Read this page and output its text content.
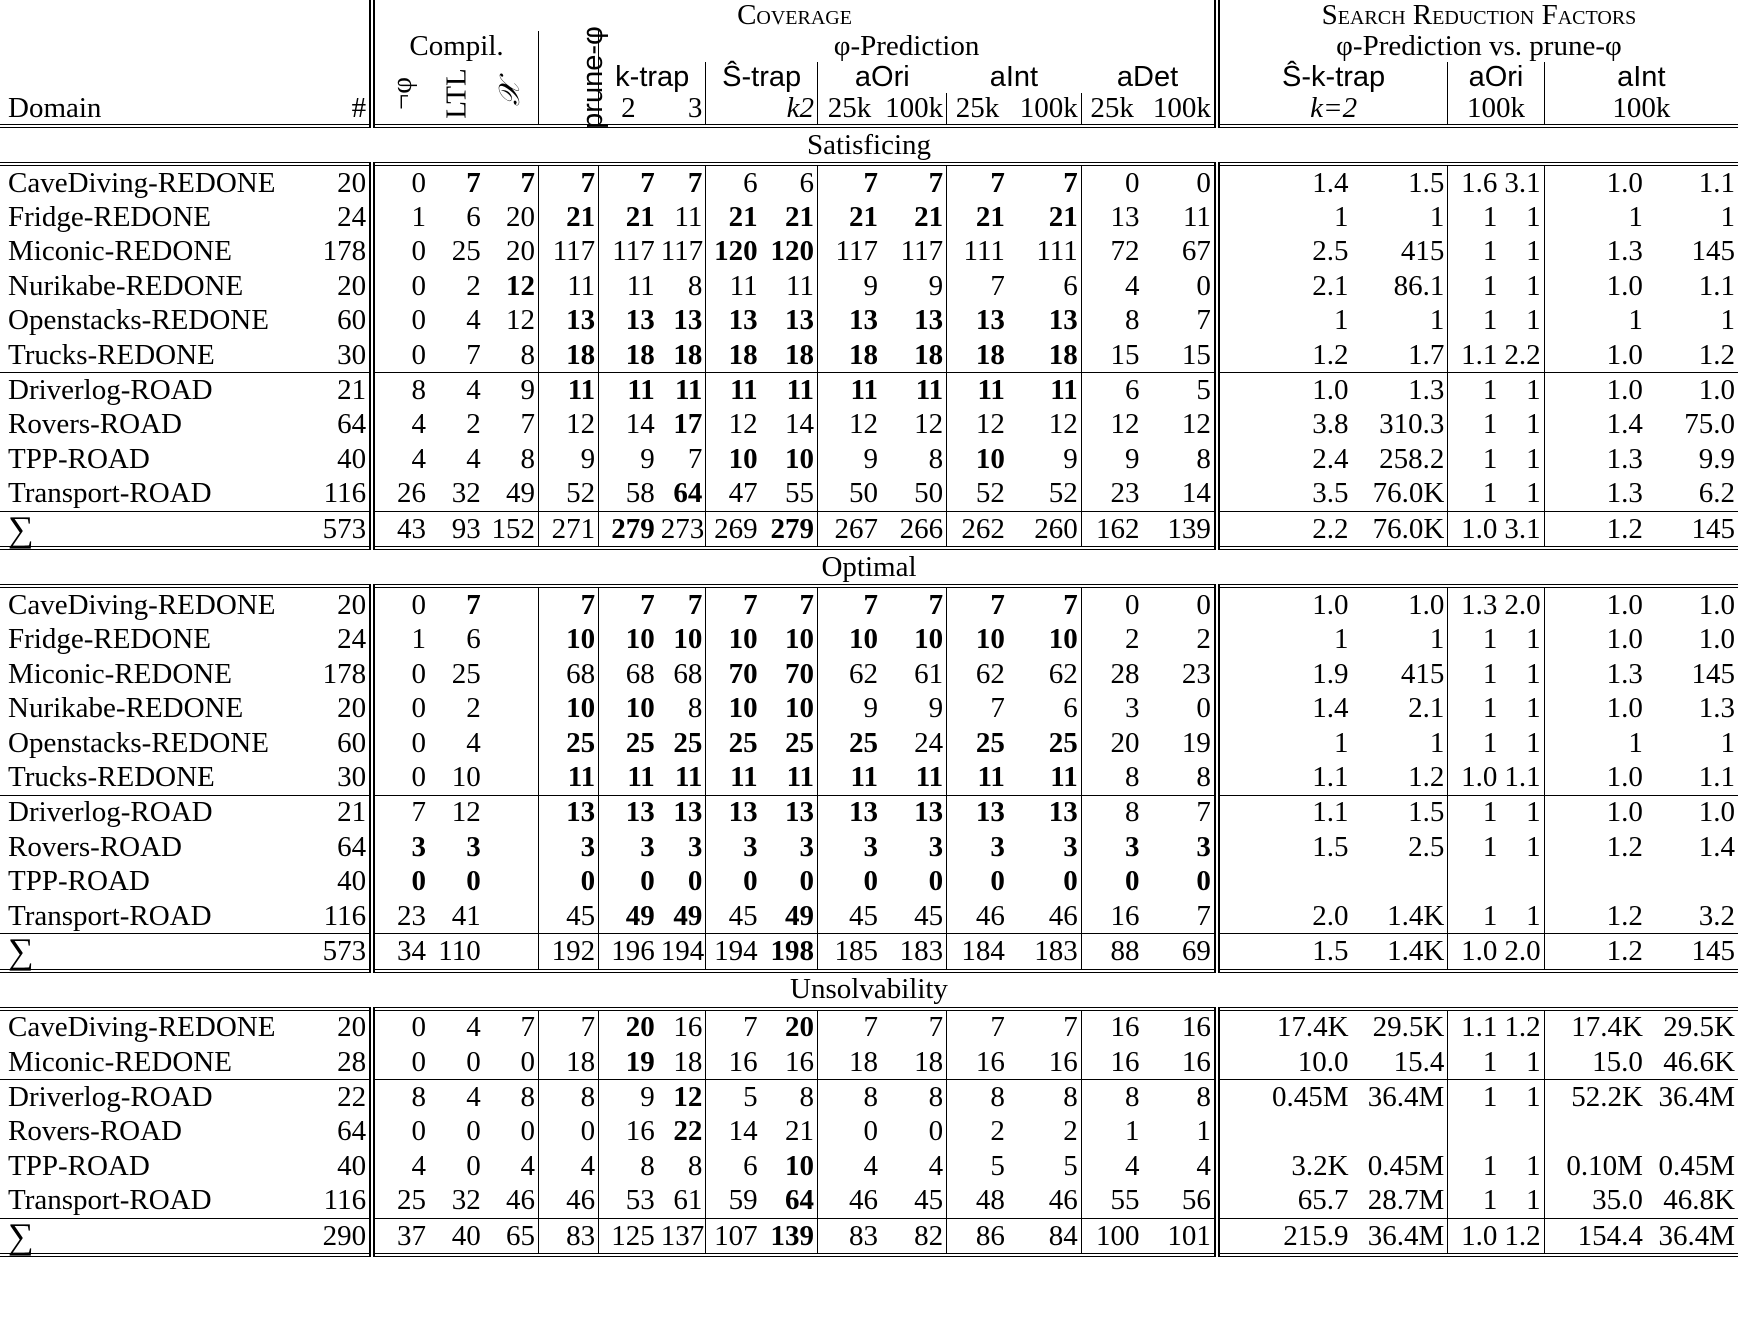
		Coverage														Search Reduction Factors					
		Compil.			prune-φ	φ-Prediction										φ-Prediction vs. prune-φ					
		¬φ	LTL	𝒳		k-trap		Ŝ-trap		aOri		aInt		aDet		Ŝ-k-trap		aOri		aInt	
Domain	#					2	3		k2	25k	100k	25k	100k	25k	100k	k=2		100k		100k	
Satisficing																					
CaveDiving-REDONE	20	0	7	7	7	7	7	6	6	7	7	7	7	0	0	1.4	1.5	1.6	3.1	1.0	1.1
Fridge-REDONE	24	1	6	20	21	21	11	21	21	21	21	21	21	13	11	1	1	1	1	1	1
Miconic-REDONE	178	0	25	20	117	117	117	120	120	117	117	111	111	72	67	2.5	415	1	1	1.3	145
Nurikabe-REDONE	20	0	2	12	11	11	8	11	11	9	9	7	6	4	0	2.1	86.1	1	1	1.0	1.1
Openstacks-REDONE	60	0	4	12	13	13	13	13	13	13	13	13	13	8	7	1	1	1	1	1	1
Trucks-REDONE	30	0	7	8	18	18	18	18	18	18	18	18	18	15	15	1.2	1.7	1.1	2.2	1.0	1.2
Driverlog-ROAD	21	8	4	9	11	11	11	11	11	11	11	11	11	6	5	1.0	1.3	1	1	1.0	1.0
Rovers-ROAD	64	4	2	7	12	14	17	12	14	12	12	12	12	12	12	3.8	310.3	1	1	1.4	75.0
TPP-ROAD	40	4	4	8	9	9	7	10	10	9	8	10	9	9	8	2.4	258.2	1	1	1.3	9.9
Transport-ROAD	116	26	32	49	52	58	64	47	55	50	50	52	52	23	14	3.5	76.0K	1	1	1.3	6.2
∑	573	43	93	152	271	279	273	269	279	267	266	262	260	162	139	2.2	76.0K	1.0	3.1	1.2	145
Optimal																					
CaveDiving-REDONE	20	0	7		7	7	7	7	7	7	7	7	7	0	0	1.0	1.0	1.3	2.0	1.0	1.0
Fridge-REDONE	24	1	6		10	10	10	10	10	10	10	10	10	2	2	1	1	1	1	1.0	1.0
Miconic-REDONE	178	0	25		68	68	68	70	70	62	61	62	62	28	23	1.9	415	1	1	1.3	145
Nurikabe-REDONE	20	0	2		10	10	8	10	10	9	9	7	6	3	0	1.4	2.1	1	1	1.0	1.3
Openstacks-REDONE	60	0	4		25	25	25	25	25	25	24	25	25	20	19	1	1	1	1	1	1
Trucks-REDONE	30	0	10		11	11	11	11	11	11	11	11	11	8	8	1.1	1.2	1.0	1.1	1.0	1.1
Driverlog-ROAD	21	7	12		13	13	13	13	13	13	13	13	13	8	7	1.1	1.5	1	1	1.0	1.0
Rovers-ROAD	64	3	3		3	3	3	3	3	3	3	3	3	3	3	1.5	2.5	1	1	1.2	1.4
TPP-ROAD	40	0	0		0	0	0	0	0	0	0	0	0	0	0						
Transport-ROAD	116	23	41		45	49	49	45	49	45	45	46	46	16	7	2.0	1.4K	1	1	1.2	3.2
∑	573	34	110		192	196	194	194	198	185	183	184	183	88	69	1.5	1.4K	1.0	2.0	1.2	145
Unsolvability																					
CaveDiving-REDONE	20	0	4	7	7	20	16	7	20	7	7	7	7	16	16	17.4K	29.5K	1.1	1.2	17.4K	29.5K
Miconic-REDONE	28	0	0	0	18	19	18	16	16	18	18	16	16	16	16	10.0	15.4	1	1	15.0	46.6K
Driverlog-ROAD	22	8	4	8	8	9	12	5	8	8	8	8	8	8	8	0.45M	36.4M	1	1	52.2K	36.4M
Rovers-ROAD	64	0	0	0	0	16	22	14	21	0	0	2	2	1	1						
TPP-ROAD	40	4	0	4	4	8	8	6	10	4	4	5	5	4	4	3.2K	0.45M	1	1	0.10M	0.45M
Transport-ROAD	116	25	32	46	46	53	61	59	64	46	45	48	46	55	56	65.7	28.7M	1	1	35.0	46.8K
∑	290	37	40	65	83	125	137	107	139	83	82	86	84	100	101	215.9	36.4M	1.0	1.2	154.4	36.4M
